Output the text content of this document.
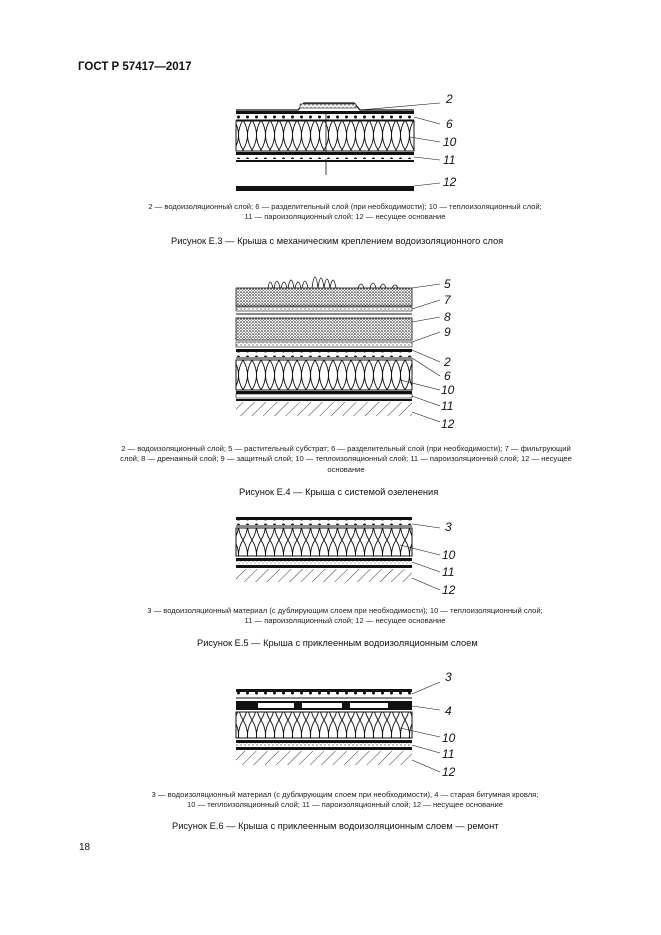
ГОСТ Р 57417—2017
2
6
10
11
12
5
7
8
9
2
6
10
11
12
3
10
11
12
3
4
10
11
12
2 — водоизоляционный слой; 6 — разделительный слой (при необходимости); 10 — теплоизоляционный слой;
11 — пароизоляционный слой; 12 — несущее основание
Рисунок Е.3 — Крыша с механическим креплением водоизоляционного слоя
2 — водоизоляционный слой; 5 — растительный субстрат; 6 — разделительный слой (при необходимости); 7 — фильтрующий
слой; 8 — дренажный слой; 9 — защитный слой; 10 — теплоизоляционный слой; 11 — пароизоляционный слой; 12 — несущее
основание
Рисунок Е.4 — Крыша с системой озеленения
3 — водоизоляционный материал (с дублирующим слоем при необходимости); 10 — теплоизоляционный слой;
11 — пароизоляционный слой; 12 — несущее основание
Рисунок Е.5 — Крыша с приклеенным водоизоляционным слоем
3 — водоизоляционный материал (с дублирующим слоем при необходимости), 4 — старая битумная кровля;
10 — теплоизоляционный слой; 11 — пароизоляционный слой; 12 — несущее основание
Рисунок Е.6 — Крыша с приклеенным водоизоляционным слоем — ремонт
18
